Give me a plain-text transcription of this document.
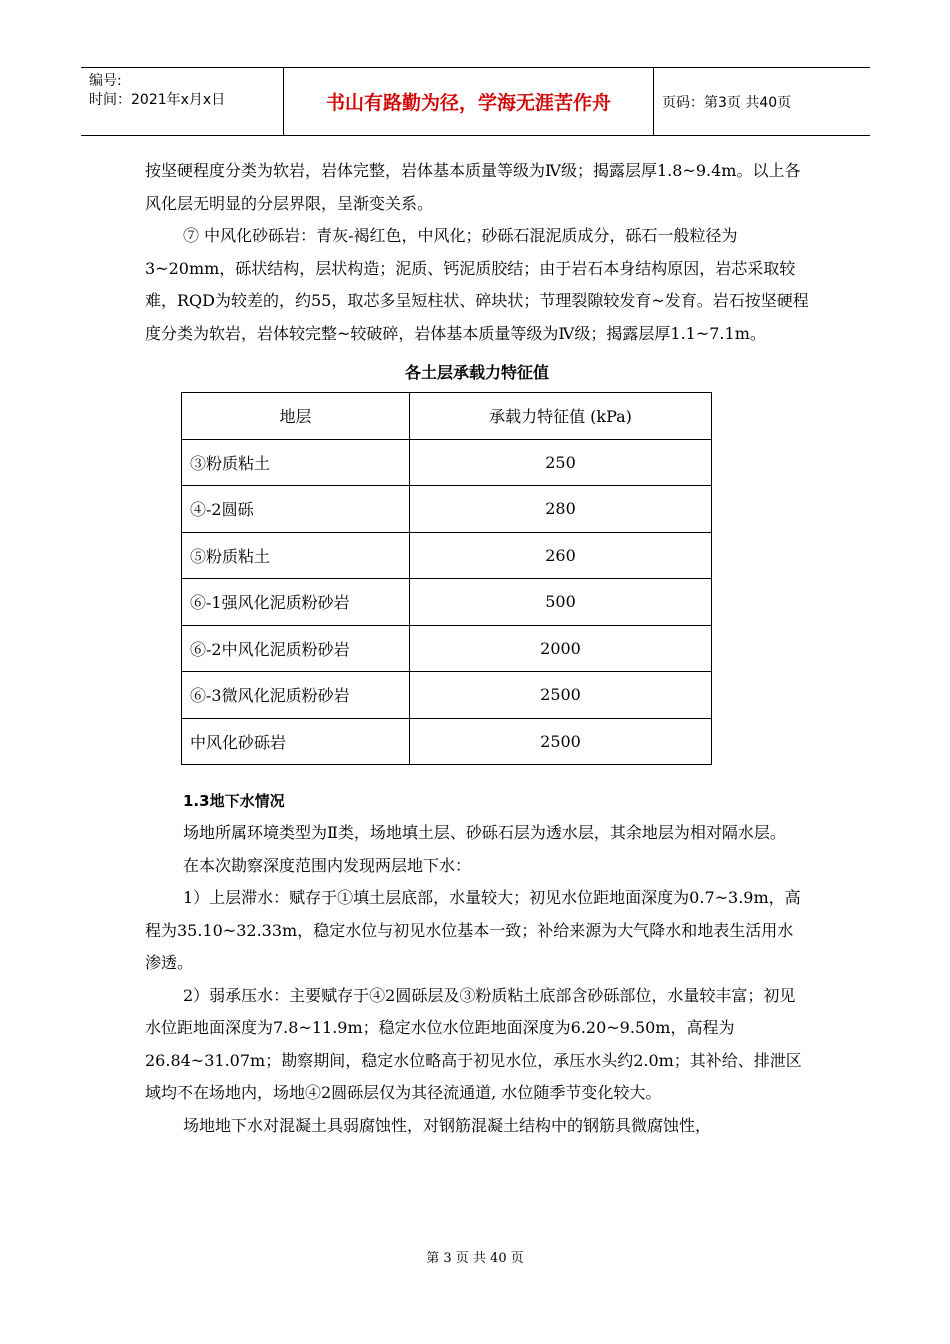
编号:
时间：2021年x月x日	书山有路勤为径，学海无涯苦作舟	页码：第3页 共40页

按坚硬程度分类为软岩，岩体完整，岩体基本质量等级为Ⅳ级；揭露层厚1.8~9.4m。以上各风化层无明显的分层界限，呈渐变关系。

⑦ 中风化砂砾岩：青灰-褐红色，中风化；砂砾石混泥质成分，砾石一般粒径为3~20mm，砾状结构，层状构造；泥质、钙泥质胶结；由于岩石本身结构原因，岩芯采取较难，RQD为较差的，约55，取芯多呈短柱状、碎块状；节理裂隙较发育~发育。岩石按坚硬程度分类为软岩，岩体较完整~较破碎，岩体基本质量等级为Ⅳ级；揭露层厚1.1~7.1m。

各土层承载力特征值
地层	承载力特征值 (kPa)
③粉质粘土	250
④-2圆砾	280
⑤粉质粘土	260
⑥-1强风化泥质粉砂岩	500
⑥-2中风化泥质粉砂岩	2000
⑥-3微风化泥质粉砂岩	2500
中风化砂砾岩	2500
1.3地下水情况

场地所属环境类型为Ⅱ类，场地填土层、砂砾石层为透水层，其余地层为相对隔水层。

在本次勘察深度范围内发现两层地下水：

1）上层滞水：赋存于①填土层底部，水量较大；初见水位距地面深度为0.7~3.9m，高程为35.10~32.33m，稳定水位与初见水位基本一致；补给来源为大气降水和地表生活用水渗透。

2）弱承压水：主要赋存于④2圆砾层及③粉质粘土底部含砂砾部位，水量较丰富；初见水位距地面深度为7.8~11.9m；稳定水位水位距地面深度为6.20~9.50m，高程为26.84~31.07m；勘察期间，稳定水位略高于初见水位，承压水头约2.0m；其补给、排泄区域均不在场地内，场地④2圆砾层仅为其径流通道, 水位随季节变化较大。

场地地下水对混凝土具弱腐蚀性，对钢筋混凝土结构中的钢筋具微腐蚀性，

第 3 页 共 40 页
